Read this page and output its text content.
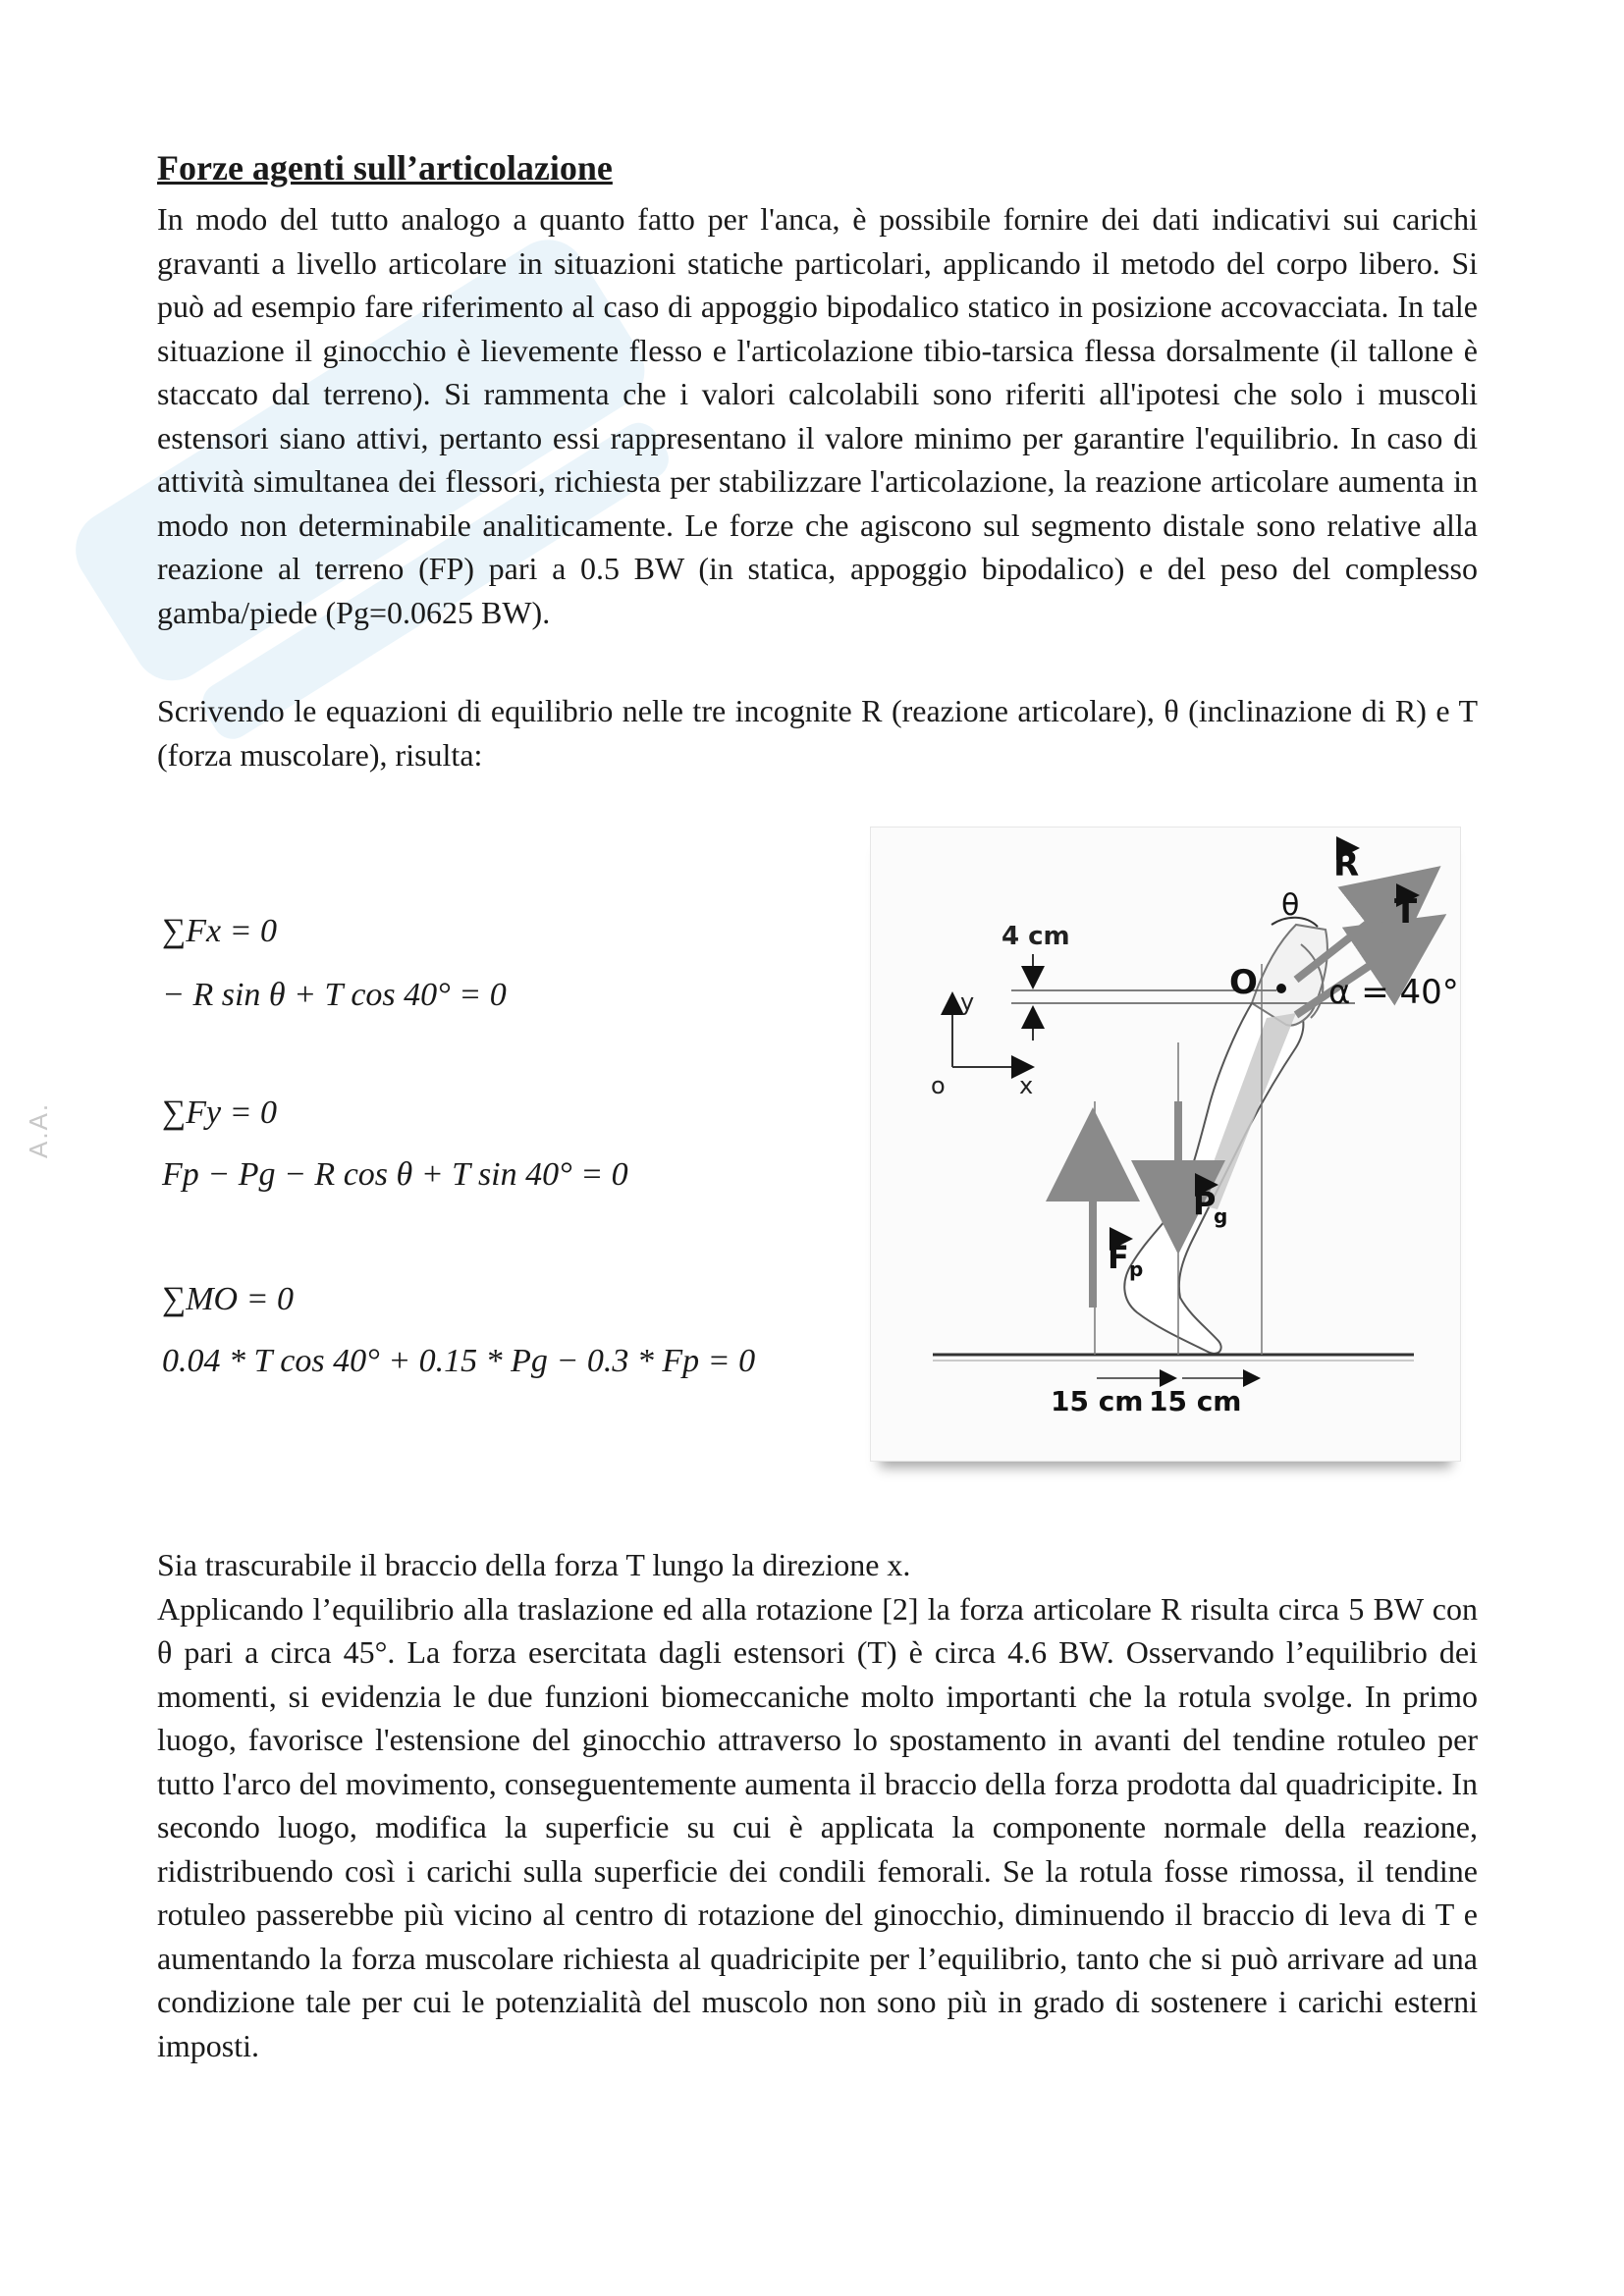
A.A.
Forze agenti sull’articolazione

In modo del tutto analogo a quanto fatto per l'anca, è possibile fornire dei dati indicativi sui carichi gravanti a livello articolare in situazioni statiche particolari, applicando il metodo del corpo libero. Si può ad esempio fare riferimento al caso di appoggio bipodalico statico in posizione accovacciata. In tale situazione il ginocchio è lievemente flesso e l'articolazione tibio-tarsica flessa dorsalmente (il tallone è staccato dal terreno). Si rammenta che i valori calcolabili sono riferiti all'ipotesi che solo i muscoli estensori siano attivi, pertanto essi rappresentano il valore minimo per garantire l'equilibrio. In caso di attività simultanea dei flessori, richiesta per stabilizzare l'articolazione, la reazione articolare aumenta in modo non determinabile analiticamente. Le forze che agiscono sul segmento distale sono relative alla reazione al terreno (FP) pari a 0.5 BW (in statica, appoggio bipodalico) e del peso del complesso gamba/piede (Pg=0.0625 BW).

Scrivendo le equazioni di equilibrio nelle tre incognite R (reazione articolare), θ (inclinazione di R) e T (forza muscolare), risulta:

∑Fx = 0
− R sin θ + T cos 40° = 0
∑Fy = 0
Fp − Pg − R cos θ + T sin 40° = 0
∑MO = 0
0.04 * T cos 40° + 0.15 * Pg − 0.3 * Fp = 0
y
x
o
4 cm
O
R
T
θ
α = 40°
F p
P
g
15 cm 15 cm

Sia trascurabile il braccio della forza T lungo la direzione x.
Applicando l’equilibrio alla traslazione ed alla rotazione [2] la forza articolare R risulta circa 5 BW con θ pari a circa 45°. La forza esercitata dagli estensori (T) è circa 4.6 BW. Osservando l’equilibrio dei momenti, si evidenzia le due funzioni biomeccaniche molto importanti che la rotula svolge. In primo luogo, favorisce l'estensione del ginocchio attraverso lo spostamento in avanti del tendine rotuleo per tutto l'arco del movimento, conseguentemente aumenta il braccio della forza prodotta dal quadricipite. In secondo luogo, modifica la superficie su cui è applicata la componente normale della reazione, ridistribuendo così i carichi sulla superficie dei condili femorali. Se la rotula fosse rimossa, il tendine rotuleo passerebbe più vicino al centro di rotazione del ginocchio, diminuendo il braccio di leva di T e aumentando la forza muscolare richiesta al quadricipite per l’equilibrio, tanto che si può arrivare ad una condizione tale per cui le potenzialità del muscolo non sono più in grado di sostenere i carichi esterni imposti.
